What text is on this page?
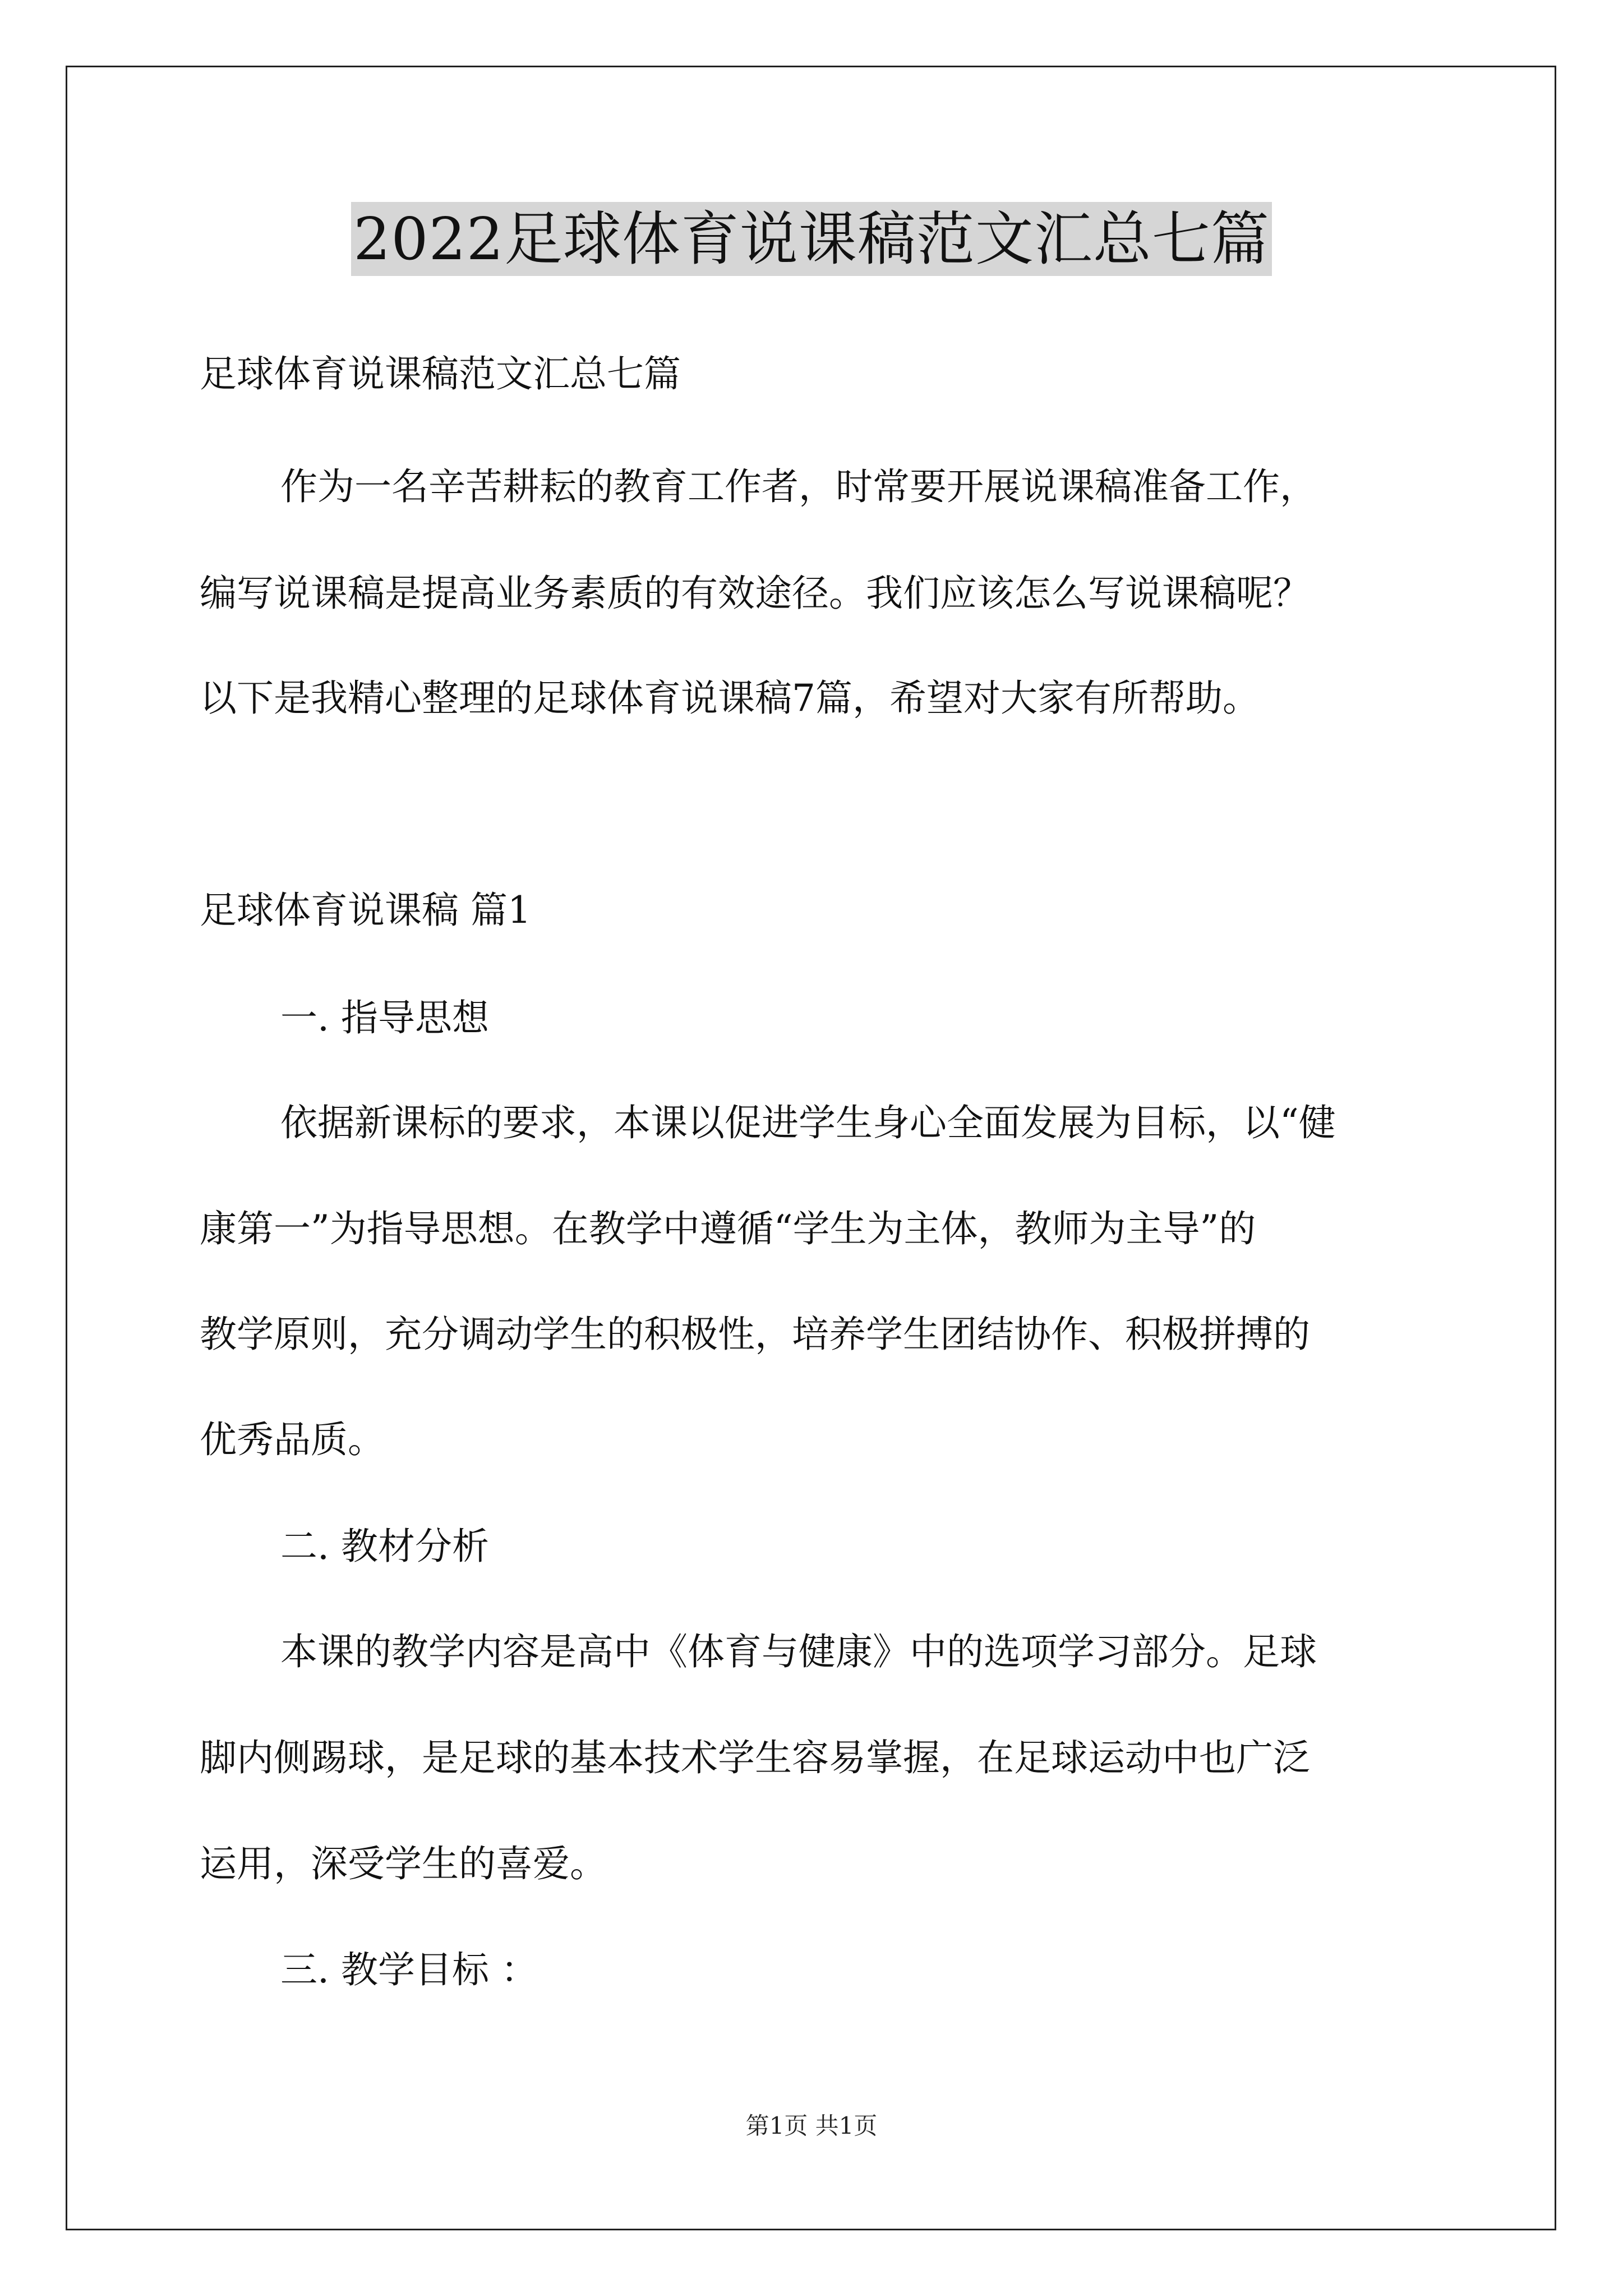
2022足球体育说课稿范文汇总七篇

足球体育说课稿范文汇总七篇

作为一名辛苦耕耘的教育工作者，时常要开展说课稿准备工作，

编写说课稿是提高业务素质的有效途径。我们应该怎么写说课稿呢？

以下是我精心整理的足球体育说课稿7篇，希望对大家有所帮助。

足球体育说课稿 篇1

一. 指导思想

依据新课标的要求，本课以促进学生身心全面发展为目标，以“健

康第一”为指导思想。在教学中遵循“学生为主体，教师为主导”的

教学原则，充分调动学生的积极性，培养学生团结协作、积极拼搏的

优秀品质。

二. 教材分析

本课的教学内容是高中《体育与健康》中的选项学习部分。足球

脚内侧踢球，是足球的基本技术学生容易掌握，在足球运动中也广泛

运用，深受学生的喜爱。

三. 教学目标 ：

第1页 共1页
